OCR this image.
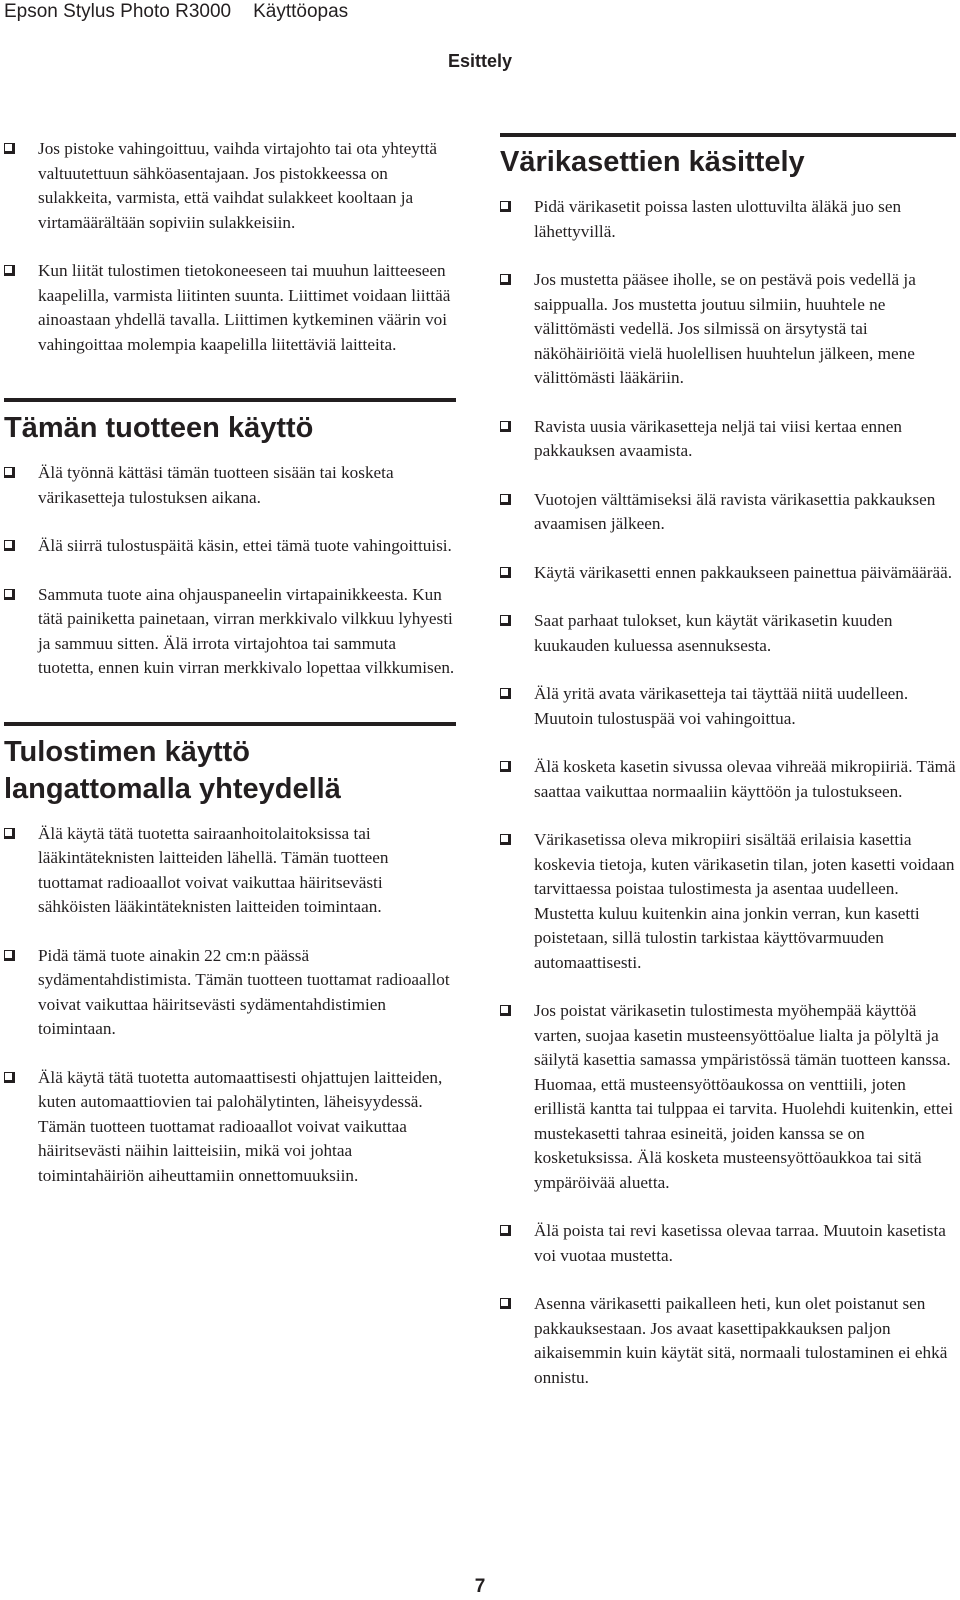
Epson Stylus Photo R3000 Käyttöopas
Esittely
Jos pistoke vahingoittuu, vaihda virtajohto tai ota yhteyttä valtuutettuun sähköasentajaan. Jos pistokkeessa on sulakkeita, varmista, että vaihdat sulakkeet kooltaan ja virtamäärältään sopiviin sulakkeisiin.
Kun liität tulostimen tietokoneeseen tai muuhun laitteeseen kaapelilla, varmista liitinten suunta. Liittimet voidaan liittää ainoastaan yhdellä tavalla. Liittimen kytkeminen väärin voi vahingoittaa molempia kaapelilla liitettäviä laitteita.
Tämän tuotteen käyttö
Älä työnnä kättäsi tämän tuotteen sisään tai kosketa värikasetteja tulostuksen aikana.
Älä siirrä tulostuspäitä käsin, ettei tämä tuote vahingoittuisi.
Sammuta tuote aina ohjauspaneelin virtapainikkeesta. Kun tätä painiketta painetaan, virran merkkivalo vilkkuu lyhyesti ja sammuu sitten. Älä irrota virtajohtoa tai sammuta tuotetta, ennen kuin virran merkkivalo lopettaa vilkkumisen.
Tulostimen käyttö
langattomalla yhteydellä
Älä käytä tätä tuotetta sairaanhoitolaitoksissa tai lääkintäteknisten laitteiden lähellä. Tämän tuotteen tuottamat radioaallot voivat vaikuttaa häiritsevästi sähköisten lääkintäteknisten laitteiden toimintaan.
Pidä tämä tuote ainakin 22 cm:n päässä sydämentahdistimista. Tämän tuotteen tuottamat radioaallot voivat vaikuttaa häiritsevästi sydämentahdistimien toimintaan.
Älä käytä tätä tuotetta automaattisesti ohjattujen laitteiden, kuten automaattiovien tai palohälytinten, läheisyydessä. Tämän tuotteen tuottamat radioaallot voivat vaikuttaa häiritsevästi näihin laitteisiin, mikä voi johtaa toimintahäiriön aiheuttamiin onnettomuuksiin.
Värikasettien käsittely
Pidä värikasetit poissa lasten ulottuvilta äläkä juo sen lähettyvillä.
Jos mustetta pääsee iholle, se on pestävä pois vedellä ja saippualla. Jos mustetta joutuu silmiin, huuhtele ne välittömästi vedellä. Jos silmissä on ärsytystä tai näköhäiriöitä vielä huolellisen huuhtelun jälkeen, mene välittömästi lääkäriin.
Ravista uusia värikasetteja neljä tai viisi kertaa ennen pakkauksen avaamista.
Vuotojen välttämiseksi älä ravista värikasettia pakkauksen avaamisen jälkeen.
Käytä värikasetti ennen pakkaukseen painettua päivämäärää.
Saat parhaat tulokset, kun käytät värikasetin kuuden kuukauden kuluessa asennuksesta.
Älä yritä avata värikasetteja tai täyttää niitä uudelleen. Muutoin tulostuspää voi vahingoittua.
Älä kosketa kasetin sivussa olevaa vihreää mikropiiriä. Tämä saattaa vaikuttaa normaaliin käyttöön ja tulostukseen.
Värikasetissa oleva mikropiiri sisältää erilaisia kasettia koskevia tietoja, kuten värikasetin tilan, joten kasetti voidaan tarvittaessa poistaa tulostimesta ja asentaa uudelleen. Mustetta kuluu kuitenkin aina jonkin verran, kun kasetti poistetaan, sillä tulostin tarkistaa käyttövarmuuden automaattisesti.
Jos poistat värikasetin tulostimesta myöhempää käyttöä varten, suojaa kasetin musteensyöttöalue lialta ja pölyltä ja säilytä kasettia samassa ympäristössä tämän tuotteen kanssa. Huomaa, että musteensyöttöaukossa on venttiili, joten erillistä kantta tai tulppaa ei tarvita. Huolehdi kuitenkin, ettei mustekasetti tahraa esineitä, joiden kanssa se on kosketuksissa. Älä kosketa musteensyöttöaukkoa tai sitä ympäröivää aluetta.
Älä poista tai revi kasetissa olevaa tarraa. Muutoin kasetista voi vuotaa mustetta.
Asenna värikasetti paikalleen heti, kun olet poistanut sen pakkauksestaan. Jos avaat kasettipakkauksen paljon aikaisemmin kuin käytät sitä, normaali tulostaminen ei ehkä onnistu.
7
